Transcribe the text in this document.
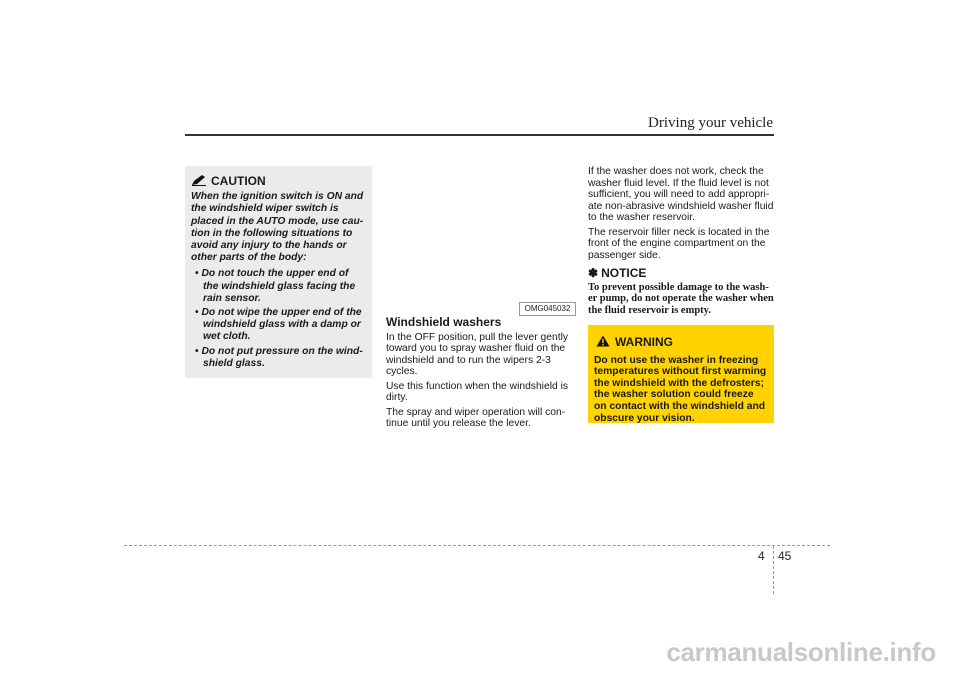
Driving your vehicle
CAUTION
When the ignition switch is ON and the windshield wiper switch is placed in the AUTO mode, use cau- tion in the following situations to avoid any injury to the hands or other parts of the body:
• Do not touch the upper end of the windshield glass facing the rain sensor.
• Do not wipe the upper end of the windshield glass with a damp or wet cloth.
• Do not put pressure on the wind- shield glass.
OMG045032
Windshield washers

In the OFF position, pull the lever gently toward you to spray washer fluid on the windshield and to run the wipers 2-3 cycles.

Use this function when the windshield is dirty.

The spray and wiper operation will con- tinue until you release the lever.

If the washer does not work, check the washer fluid level. If the fluid level is not sufficient, you will need to add appropri- ate non-abrasive windshield washer fluid to the washer reservoir.

The reservoir filler neck is located in the front of the engine compartment on the passenger side.

✽ NOTICE

To prevent possible damage to the wash- er pump, do not operate the washer when the fluid reservoir is empty.

WARNING

Do not use the washer in freezing temperatures without first warming the windshield with the defrosters; the washer solution could freeze on contact with the windshield and obscure your vision.

4 45
carmanualsonline.info
